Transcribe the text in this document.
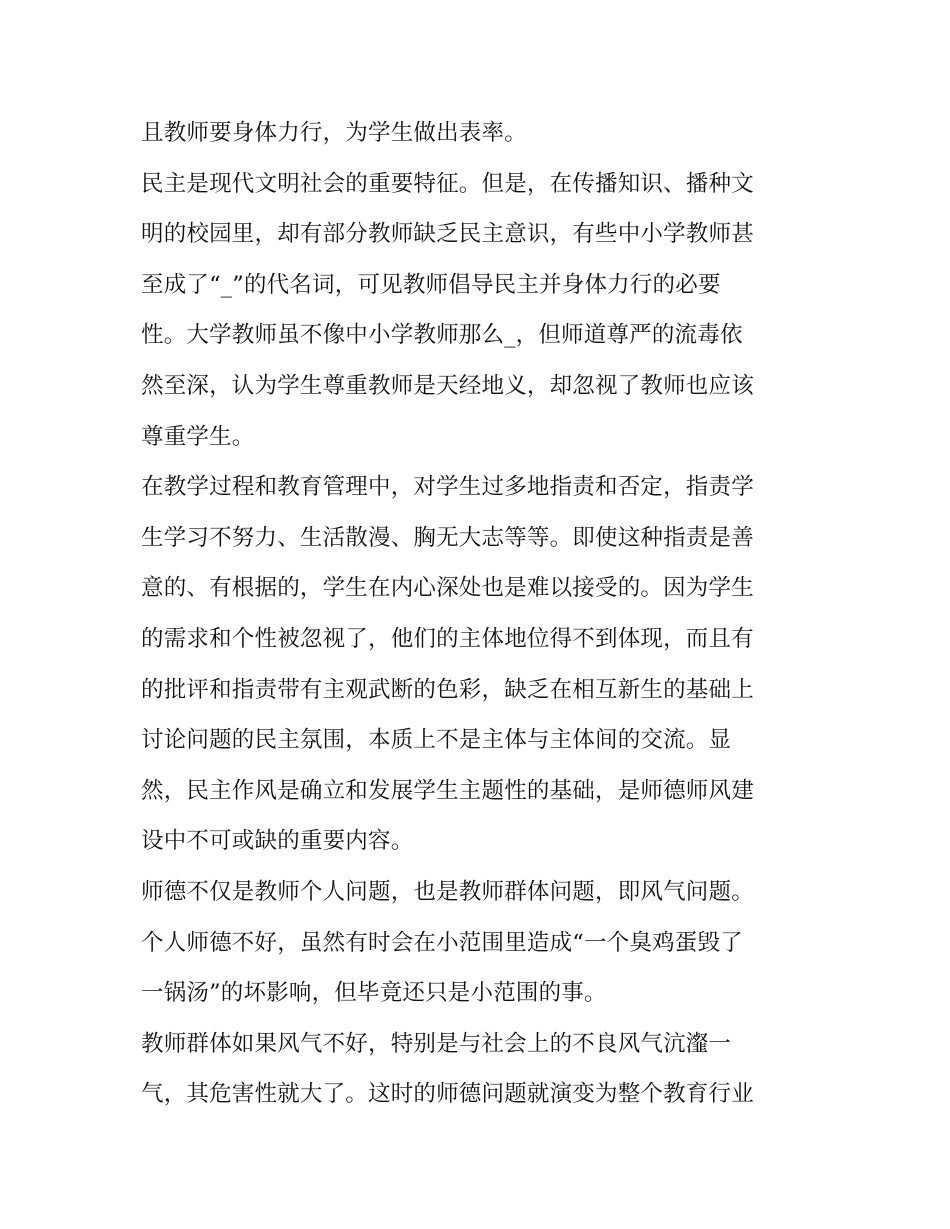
且教师要身体力行，为学生做出表率。
民主是现代文明社会的重要特征。但是，在传播知识、播种文
明的校园里，却有部分教师缺乏民主意识，有些中小学教师甚
至成了“_”的代名词，可见教师倡导民主并身体力行的必要
性。大学教师虽不像中小学教师那么_，但师道尊严的流毒依
然至深，认为学生尊重教师是天经地义，却忽视了教师也应该
尊重学生。
在教学过程和教育管理中，对学生过多地指责和否定，指责学
生学习不努力、生活散漫、胸无大志等等。即使这种指责是善
意的、有根据的，学生在内心深处也是难以接受的。因为学生
的需求和个性被忽视了，他们的主体地位得不到体现，而且有
的批评和指责带有主观武断的色彩，缺乏在相互新生的基础上
讨论问题的民主氛围，本质上不是主体与主体间的交流。显
然，民主作风是确立和发展学生主题性的基础，是师德师风建
设中不可或缺的重要内容。
师德不仅是教师个人问题，也是教师群体问题，即风气问题。
个人师德不好，虽然有时会在小范围里造成“一个臭鸡蛋毁了
一锅汤”的坏影响，但毕竟还只是小范围的事。
教师群体如果风气不好，特别是与社会上的不良风气沆瀣一
气，其危害性就大了。这时的师德问题就演变为整个教育行业
